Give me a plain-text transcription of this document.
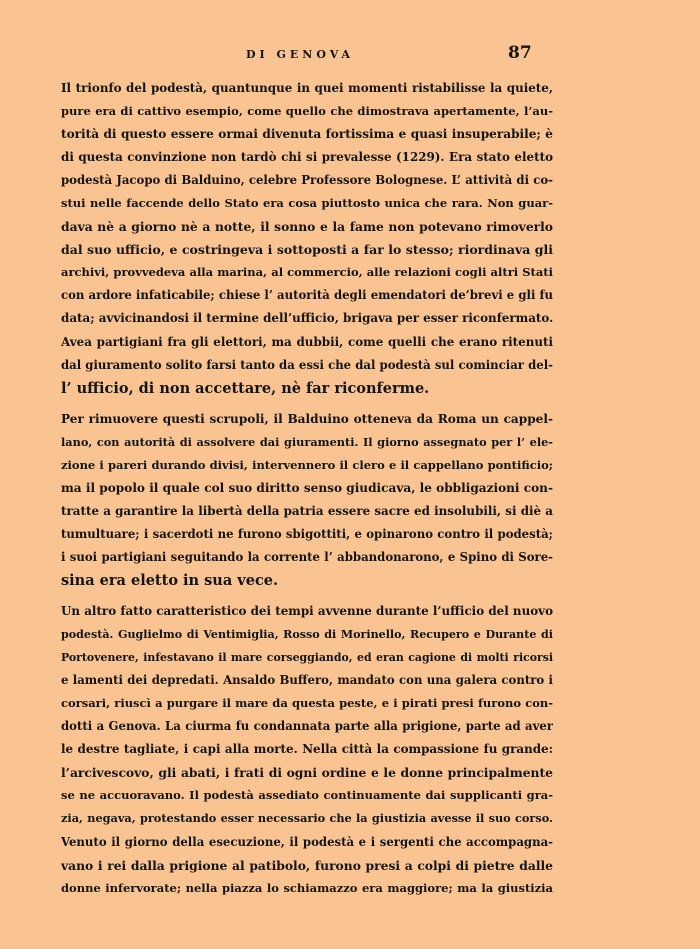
DI GENOVA	87

Il trionfo del podestà, quantunque in quei momenti ristabilisse la quiete,
pure era di cattivo esempio, come quello che dimostrava apertamente, l’au-
torità di questo essere ormai divenuta fortissima e quasi insuperabile; è
di questa convinzione non tardò chi si prevalesse (1229). Era stato eletto
podestà Jacopo di Balduino, celebre Professore Bolognese. L’ attività di co-
stui nelle faccende dello Stato era cosa piuttosto unica che rara. Non guar-
dava nè a giorno nè a notte, il sonno e la fame non potevano rimoverlo
dal suo ufficio, e costringeva i sottoposti a far lo stesso; riordinava gli
archivi, provvedeva alla marina, al commercio, alle relazioni cogli altri Stati
con ardore infaticabile; chiese l’ autorità degli emendatori de’brevi e gli fu
data; avvicinandosi il termine dell’ufficio, brigava per esser riconfermato.
Avea partigiani fra gli elettori, ma dubbii, come quelli che erano ritenuti
dal giuramento solito farsi tanto da essi che dal podestà sul cominciar del-
l’ ufficio, di non accettare, nè far riconferme.

Per rimuovere questi scrupoli, il Balduino otteneva da Roma un cappel-
lano, con autorità di assolvere dai giuramenti. Il giorno assegnato per l’ ele-
zione i pareri durando divisi, intervennero il clero e il cappellano pontificio;
ma il popolo il quale col suo diritto senso giudicava, le obbligazioni con-
tratte a garantire la libertà della patria essere sacre ed insolubili, si diè a
tumultuare; i sacerdoti ne furono sbigottiti, e opinarono contro il podestà;
i suoi partigiani seguitando la corrente l’ abbandonarono, e Spino di Sore-
sina era eletto in sua vece.

Un altro fatto caratteristico dei tempi avvenne durante l’ufficio del nuovo
podestà. Guglielmo di Ventimiglia, Rosso di Morinello, Recupero e Durante di
Portovenere, infestavano il mare corseggiando, ed eran cagione di molti ricorsi
e lamenti dei depredati. Ansaldo Buffero, mandato con una galera contro i
corsari, riuscì a purgare il mare da questa peste, e i pirati presi furono con-
dotti a Genova. La ciurma fu condannata parte alla prigione, parte ad aver
le destre tagliate, i capi alla morte. Nella città la compassione fu grande:
l’arcivescovo, gli abati, i frati di ogni ordine e le donne principalmente
se ne accuoravano. Il podestà assediato continuamente dai supplicanti gra-
zia, negava, protestando esser necessario che la giustizia avesse il suo corso.
Venuto il giorno della esecuzione, il podestà e i sergenti che accompagna-
vano i rei dalla prigione al patibolo, furono presi a colpi di pietre dalle
donne infervorate; nella piazza lo schiamazzo era maggiore; ma la giustizia
